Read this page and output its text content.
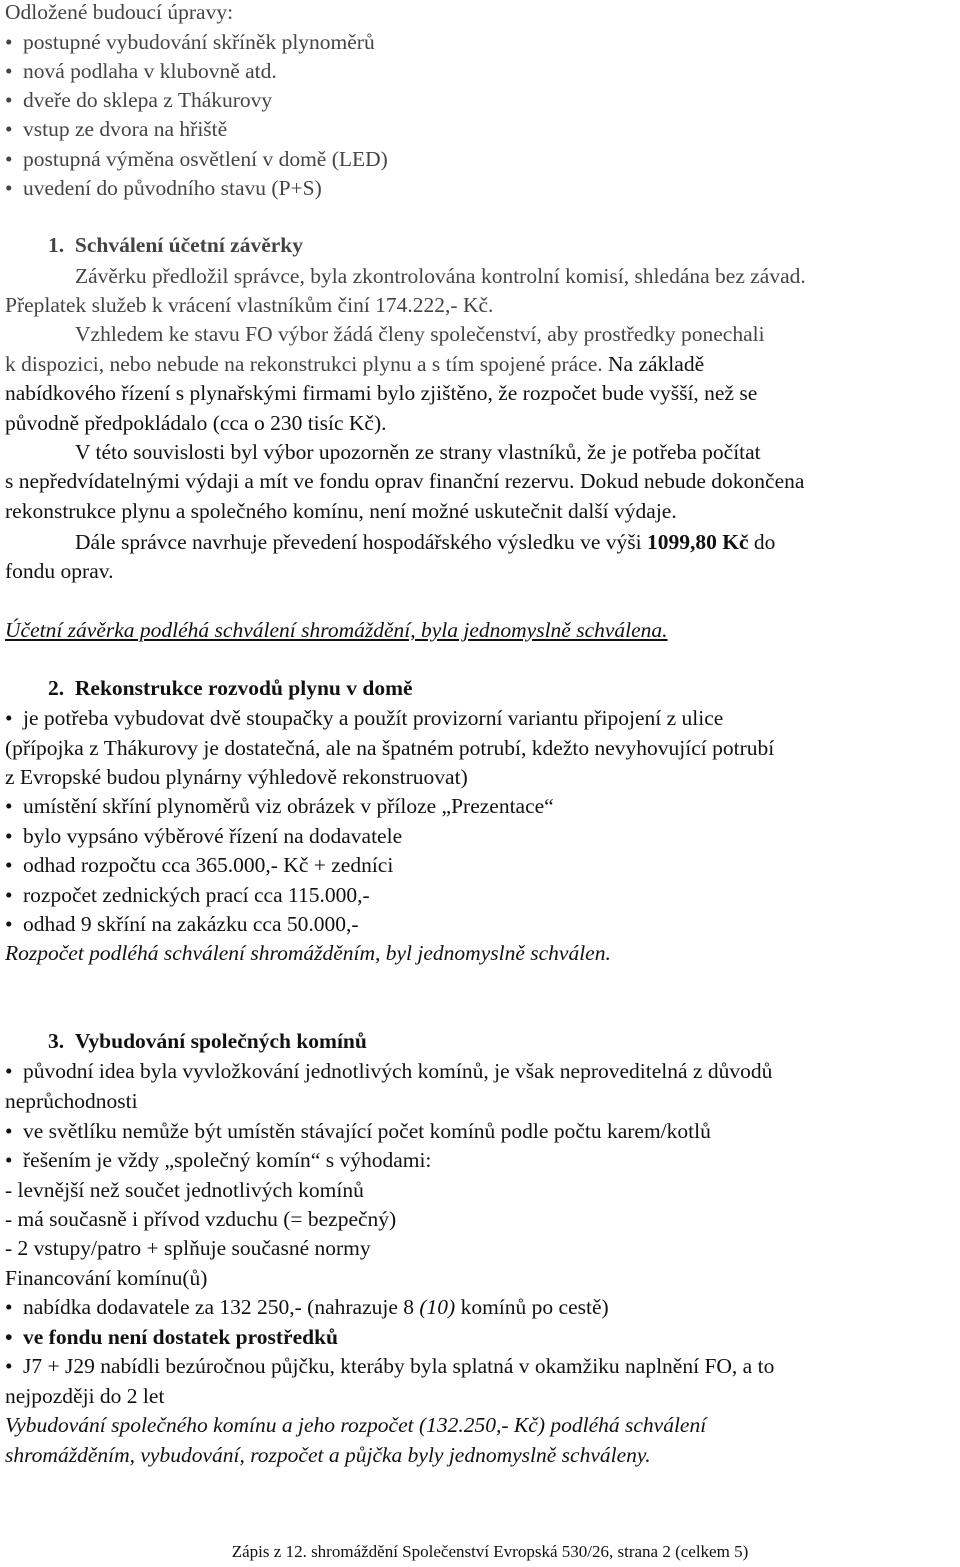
Odložené budoucí úpravy:
• postupné vybudování skříněk plynoměrů
• nová podlaha v klubovně atd.
• dveře do sklepa z Thákurovy
• vstup ze dvora na hřiště
• postupná výměna osvětlení v domě (LED)
• uvedení do původního stavu (P+S)
1. Schválení účetní závěrky
Závěrku předložil správce, byla zkontrolována kontrolní komisí, shledána bez závad.
Přeplatek služeb k vrácení vlastníkům činí 174.222,- Kč.
Vzhledem ke stavu FO výbor žádá členy společenství, aby prostředky ponechali
k dispozici, nebo nebude na rekonstrukci plynu a s tím spojené práce. Na základě
nabídkového řízení s plynařskými firmami bylo zjištěno, že rozpočet bude vyšší, než se
původně předpokládalo (cca o 230 tisíc Kč).
V této souvislosti byl výbor upozorněn ze strany vlastníků, že je potřeba počítat
s nepředvídatelnými výdaji a mít ve fondu oprav finanční rezervu. Dokud nebude dokončena
rekonstrukce plynu a společného komínu, není možné uskutečnit další výdaje.
Dále správce navrhuje převedení hospodářského výsledku ve výši 1099,80 Kč do
fondu oprav.
Účetní závěrka podléhá schválení shromáždění, byla jednomyslně schválena.
2. Rekonstrukce rozvodů plynu v domě
• je potřeba vybudovat dvě stoupačky a použít provizorní variantu připojení z ulice
(přípojka z Thákurovy je dostatečná, ale na špatném potrubí, kdežto nevyhovující potrubí
z Evropské budou plynárny výhledově rekonstruovat)
• umístění skříní plynoměrů viz obrázek v příloze „Prezentace“
• bylo vypsáno výběrové řízení na dodavatele
• odhad rozpočtu cca 365.000,- Kč + zedníci
• rozpočet zednických prací cca 115.000,-
• odhad 9 skříní na zakázku cca 50.000,-
Rozpočet podléhá schválení shromážděním, byl jednomyslně schválen.
3. Vybudování společných komínů
• původní idea byla vyvložkování jednotlivých komínů, je však neproveditelná z důvodů
neprůchodnosti
• ve světlíku nemůže být umístěn stávající počet komínů podle počtu karem/kotlů
• řešením je vždy „společný komín“ s výhodami:
- levnější než součet jednotlivých komínů
- má současně i přívod vzduchu (= bezpečný)
- 2 vstupy/patro + splňuje současné normy
Financování komínu(ů)
• nabídka dodavatele za 132 250,- (nahrazuje 8 (10) komínů po cestě)
• ve fondu není dostatek prostředků
• J7 + J29 nabídli bezúročnou půjčku, kteráby byla splatná v okamžiku naplnění FO, a to
nejpozději do 2 let
Vybudování společného komínu a jeho rozpočet (132.250,- Kč) podléhá schválení
shromážděním, vybudování, rozpočet a půjčka byly jednomyslně schváleny.
Zápis z 12. shromáždění Společenství Evropská 530/26, strana 2 (celkem 5)
